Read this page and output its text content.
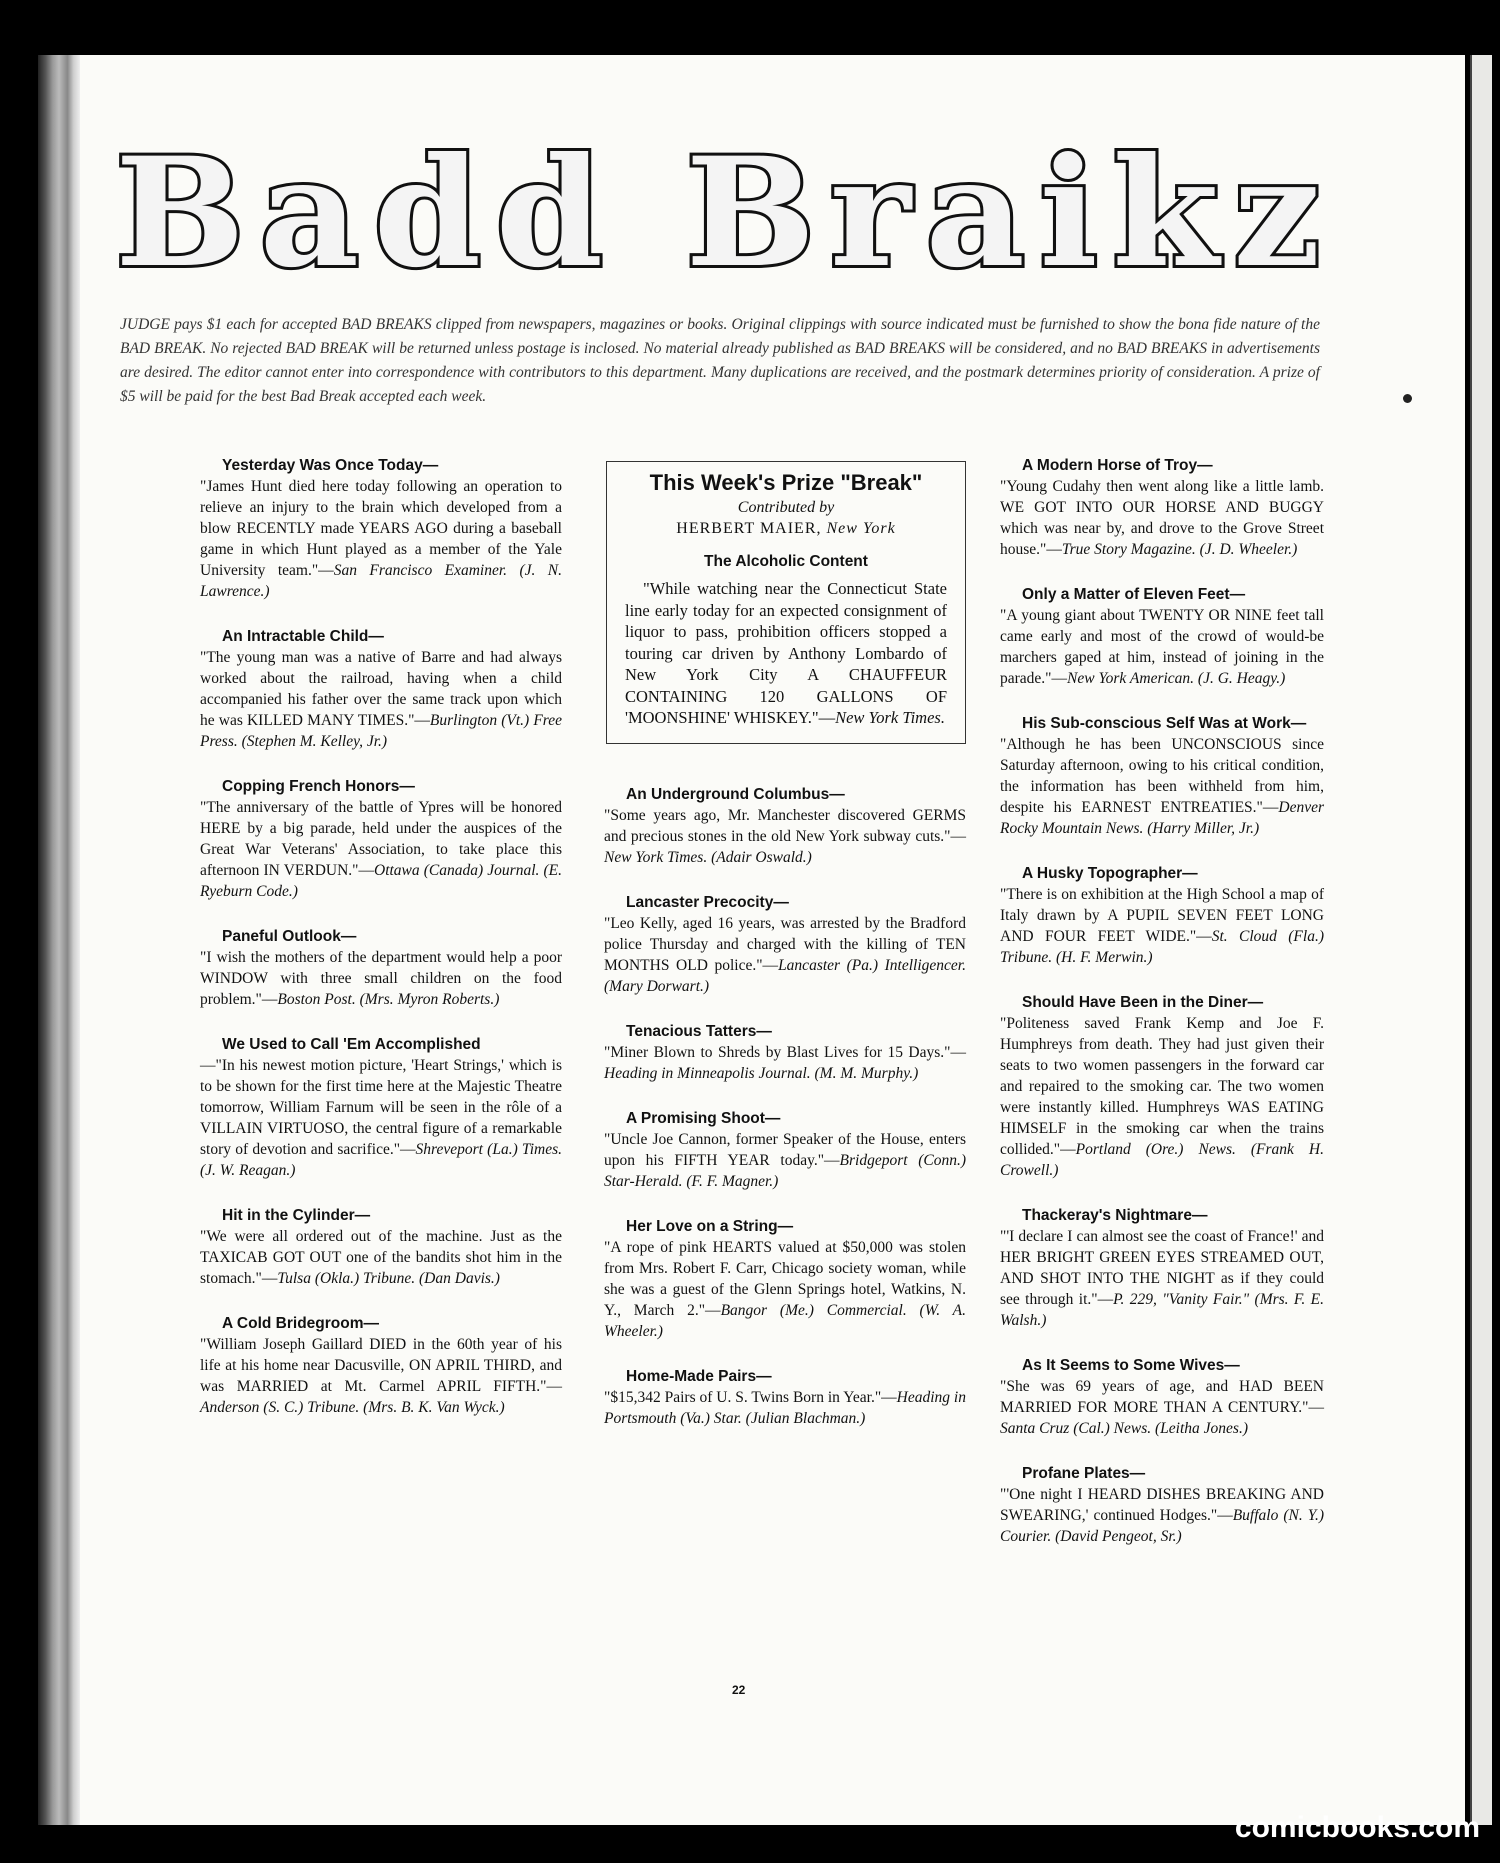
Badd Braikz
JUDGE pays $1 each for accepted BAD BREAKS clipped from newspapers, magazines or books. Original clippings with source indicated must be furnished to show the bona fide nature of the BAD BREAK. No rejected BAD BREAK will be returned unless postage is inclosed. No material already published as BAD BREAKS will be considered, and no BAD BREAKS in advertisements are desired. The editor cannot enter into correspondence with contributors to this department. Many duplications are received, and the postmark determines priority of consideration. A prize of $5 will be paid for the best Bad Break accepted each week.

Yesterday Was Once Today—

"James Hunt died here today following an operation to relieve an injury to the brain which developed from a blow RECENTLY made YEARS AGO during a baseball game in which Hunt played as a member of the Yale University team."—San Francisco Examiner. (J. N. Lawrence.)

An Intractable Child—

"The young man was a native of Barre and had always worked about the railroad, having when a child accompanied his father over the same track upon which he was KILLED MANY TIMES."—Burlington (Vt.) Free Press. (Stephen M. Kelley, Jr.)

Copping French Honors—

"The anniversary of the battle of Ypres will be honored HERE by a big parade, held under the auspices of the Great War Veterans' Association, to take place this afternoon IN VERDUN."—Ottawa (Canada) Journal. (E. Ryeburn Code.)

Paneful Outlook—

"I wish the mothers of the department would help a poor WINDOW with three small children on the food problem."—Boston Post. (Mrs. Myron Roberts.)

We Used to Call 'Em Accomplished

—"In his newest motion picture, 'Heart Strings,' which is to be shown for the first time here at the Majestic Theatre tomorrow, William Farnum will be seen in the rôle of a VILLAIN VIRTUOSO, the central figure of a remarkable story of devotion and sacrifice."—Shreveport (La.) Times. (J. W. Reagan.)

Hit in the Cylinder—

"We were all ordered out of the machine. Just as the TAXICAB GOT OUT one of the bandits shot him in the stomach."—Tulsa (Okla.) Tribune. (Dan Davis.)

A Cold Bridegroom—

"William Joseph Gaillard DIED in the 60th year of his life at his home near Dacusville, ON APRIL THIRD, and was MARRIED at Mt. Carmel APRIL FIFTH."—Anderson (S. C.) Tribune. (Mrs. B. K. Van Wyck.)

This Week's Prize "Break"

Contributed by

HERBERT MAIER, New York

The Alcoholic Content

"While watching near the Connecticut State line early today for an expected consignment of liquor to pass, prohibition officers stopped a touring car driven by Anthony Lombardo of New York City A CHAUFFEUR CONTAINING 120 GALLONS OF 'MOONSHINE' WHISKEY."—New York Times.

An Underground Columbus—

"Some years ago, Mr. Manchester discovered GERMS and precious stones in the old New York subway cuts."—New York Times. (Adair Oswald.)

Lancaster Precocity—

"Leo Kelly, aged 16 years, was arrested by the Bradford police Thursday and charged with the killing of TEN MONTHS OLD police."—Lancaster (Pa.) Intelligencer. (Mary Dorwart.)

Tenacious Tatters—

"Miner Blown to Shreds by Blast Lives for 15 Days."—Heading in Minneapolis Journal. (M. M. Murphy.)

A Promising Shoot—

"Uncle Joe Cannon, former Speaker of the House, enters upon his FIFTH YEAR today."—Bridgeport (Conn.) Star-Herald. (F. F. Magner.)

Her Love on a String—

"A rope of pink HEARTS valued at $50,000 was stolen from Mrs. Robert F. Carr, Chicago society woman, while she was a guest of the Glenn Springs hotel, Watkins, N. Y., March 2."—Bangor (Me.) Commercial. (W. A. Wheeler.)

Home-Made Pairs—

"$15,342 Pairs of U. S. Twins Born in Year."—Heading in Portsmouth (Va.) Star. (Julian Blachman.)

A Modern Horse of Troy—

"Young Cudahy then went along like a little lamb. WE GOT INTO OUR HORSE AND BUGGY which was near by, and drove to the Grove Street house."—True Story Magazine. (J. D. Wheeler.)

Only a Matter of Eleven Feet—

"A young giant about TWENTY OR NINE feet tall came early and most of the crowd of would-be marchers gaped at him, instead of joining in the parade."—New York American. (J. G. Heagy.)

His Sub-conscious Self Was at Work—

"Although he has been UNCONSCIOUS since Saturday afternoon, owing to his critical condition, the information has been withheld from him, despite his EARNEST ENTREATIES."—Denver Rocky Mountain News. (Harry Miller, Jr.)

A Husky Topographer—

"There is on exhibition at the High School a map of Italy drawn by A PUPIL SEVEN FEET LONG AND FOUR FEET WIDE."—St. Cloud (Fla.) Tribune. (H. F. Merwin.)

Should Have Been in the Diner—

"Politeness saved Frank Kemp and Joe F. Humphreys from death. They had just given their seats to two women passengers in the forward car and repaired to the smoking car. The two women were instantly killed. Humphreys WAS EATING HIMSELF in the smoking car when the trains collided."—Portland (Ore.) News. (Frank H. Crowell.)

Thackeray's Nightmare—

"'I declare I can almost see the coast of France!' and HER BRIGHT GREEN EYES STREAMED OUT, AND SHOT INTO THE NIGHT as if they could see through it."—P. 229, "Vanity Fair." (Mrs. F. E. Walsh.)

As It Seems to Some Wives—

"She was 69 years of age, and HAD BEEN MARRIED FOR MORE THAN A CENTURY."—Santa Cruz (Cal.) News. (Leitha Jones.)

Profane Plates—

"'One night I HEARD DISHES BREAKING AND SWEARING,' continued Hodges."—Buffalo (N. Y.) Courier. (David Pengeot, Sr.)

22
comicbooks.com
